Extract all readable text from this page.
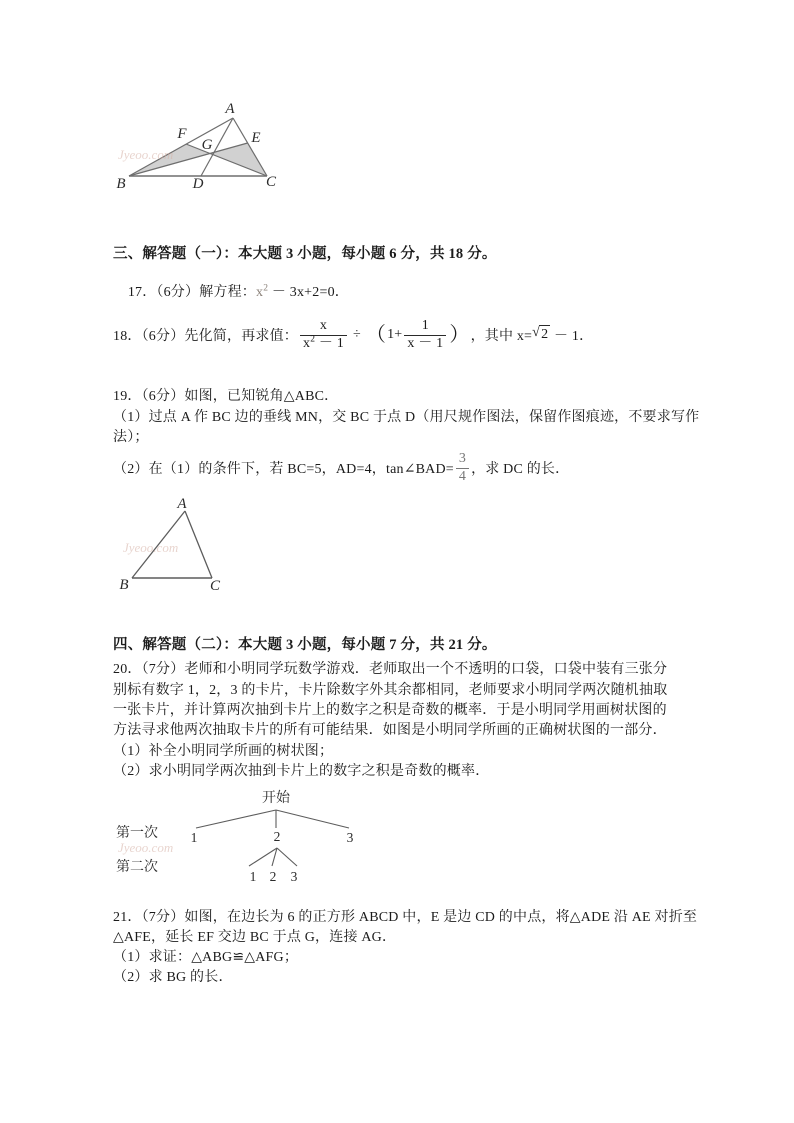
A
B	C
D
E
F
G
Jyeoo.com
三、解答题（一）：本大题 3 小题，每小题 6 分，共 18 分。

17．（6分）解方程：$x^2 - 3x+2=0$．

18．（6分）先化简，再求值： $\frac{x}{x^2 - 1}$ ÷ （ $1+ \frac{1}{x - 1}$ ） ，其中 x= √ 2 － 1．
19．（6分）如图，已知锐角△ABC．
（1）过点 A 作 BC 边的垂线 MN，交 BC 于点 D（用尺规作图法，保留作图痕迹，不要求写作
法）；
（2）在（1）的条件下，若 BC=5，AD=4，tan∠BAD= $\frac{3}{4}$ ，求 DC 的长．
A
B	C
Jyeoo.com
四、解答题（二）：本大题 3 小题，每小题 7 分，共 21 分。
20．（7分）老师和小明同学玩数学游戏．老师取出一个不透明的口袋，口袋中装有三张分
别标有数字 1，2，3 的卡片，卡片除数字外其余都相同，老师要求小明同学两次随机抽取
一张卡片，并计算两次抽到卡片上的数字之积是奇数的概率．于是小明同学用画树状图的
方法寻求他两次抽取卡片的所有可能结果．如图是小明同学所画的正确树状图的一部分．
（1）补全小明同学所画的树状图；
（2）求小明同学两次抽到卡片上的数字之积是奇数的概率．
开始
第一次
第二次
1	2	3
1 2 3
Jyeoo.com
21．（7分）如图，在边长为 6 的正方形 ABCD 中，E 是边 CD 的中点，将△ADE 沿 AE 对折至
△AFE，延长 EF 交边 BC 于点 G，连接 AG．
（1）求证：△ABG≌△AFG；
（2）求 BG 的长．
